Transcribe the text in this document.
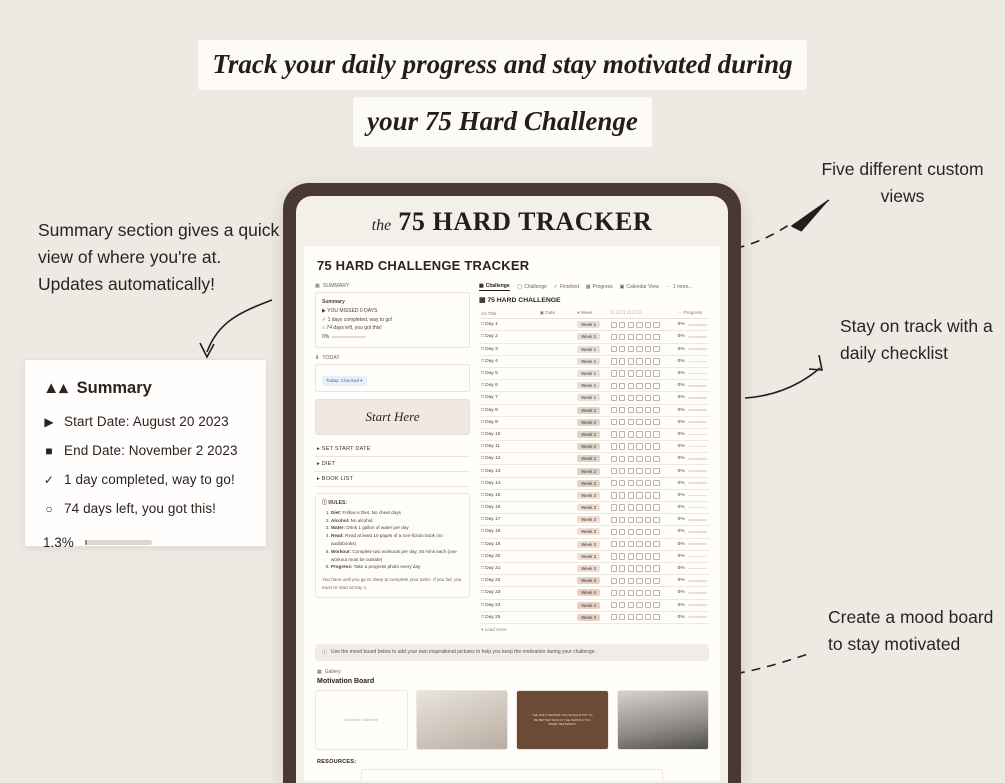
Track your daily progress and stay motivated during
your 75 Hard Challenge
Summary section gives a quick view of where you're at. Updates automatically!
Five different custom views
Stay on track with a daily checklist
Create a mood board to stay motivated
▲▴ Summary
▶ Start Date: August 20 2023
■ End Date: November 2 2023
✓ 1 day completed, way to go!
○ 74 days left, you got this!
1.3%
the 75 HARD TRACKER
75 HARD CHALLENGE TRACKER
▦ SUMMARY
Summary
▶ YOU MISSED 0 DAYS
✓ 1 days completed, way to go!
○ 74 days left, you got this!
0%
⬇ TODAY
Today: Checked ▾
Start Here
▸ SET START DATE
▸ DIET
▸ BOOK LIST
ⓘ RULES:
1. Diet: Follow a Diet, No cheat days
2. Alcohol: No alcohol
3. Water: Drink 1 gallon of water per day
4. Read: Read at least 10 pages of a non-fiction book (no audiobooks)
5. Workout: Complete two workouts per day, 45 mins each (one workout must be outside)
6. Progress: Take a progress photo every day
You have until you go to sleep to complete your tasks. If you fail, you must re-start at Day 1.
▦ Challenge ◯ Challenge ✓ Finished ▩ Progress ▣ Calendar View ⋯ 1 more...
▦ 75 HARD CHALLENGE
Aa Title	▣ Date	▾ Week	☐ ☐ ☐ ☐ ☐ ☐	⋯ Progress
□ Day 1		Week 1		0%

□ Day 2		Week 1		0%

□ Day 3		Week 1		0%

□ Day 4		Week 1		0%

□ Day 5		Week 1		0%

□ Day 6		Week 1		0%

□ Day 7		Week 1		0%

□ Day 8		Week 2		0%

□ Day 9		Week 2		0%

□ Day 10		Week 2		0%

□ Day 11		Week 2		0%

□ Day 12		Week 2		0%

□ Day 13		Week 2		0%

□ Day 14		Week 2		0%

□ Day 15		Week 3		0%

□ Day 16		Week 3		0%

□ Day 17		Week 3		0%

□ Day 18		Week 3		0%

□ Day 19		Week 3		0%

□ Day 20		Week 3		0%

□ Day 21		Week 3		0%

□ Day 22		Week 4		0%

□ Day 23		Week 4		0%

□ Day 24		Week 4		0%

□ Day 25		Week 4		0%
▾ Load more
ⓘ Use the mood board below to add your own inspirational pictures to help you keep the motivation during your challenge.
▦ Gallery
Motivation Board
Good one, slide here
THE ONLY PERSON YOU SHOULD TRY TO BE BETTER THAN IS THE PERSON YOU WERE YESTERDAY
RESOURCES:
